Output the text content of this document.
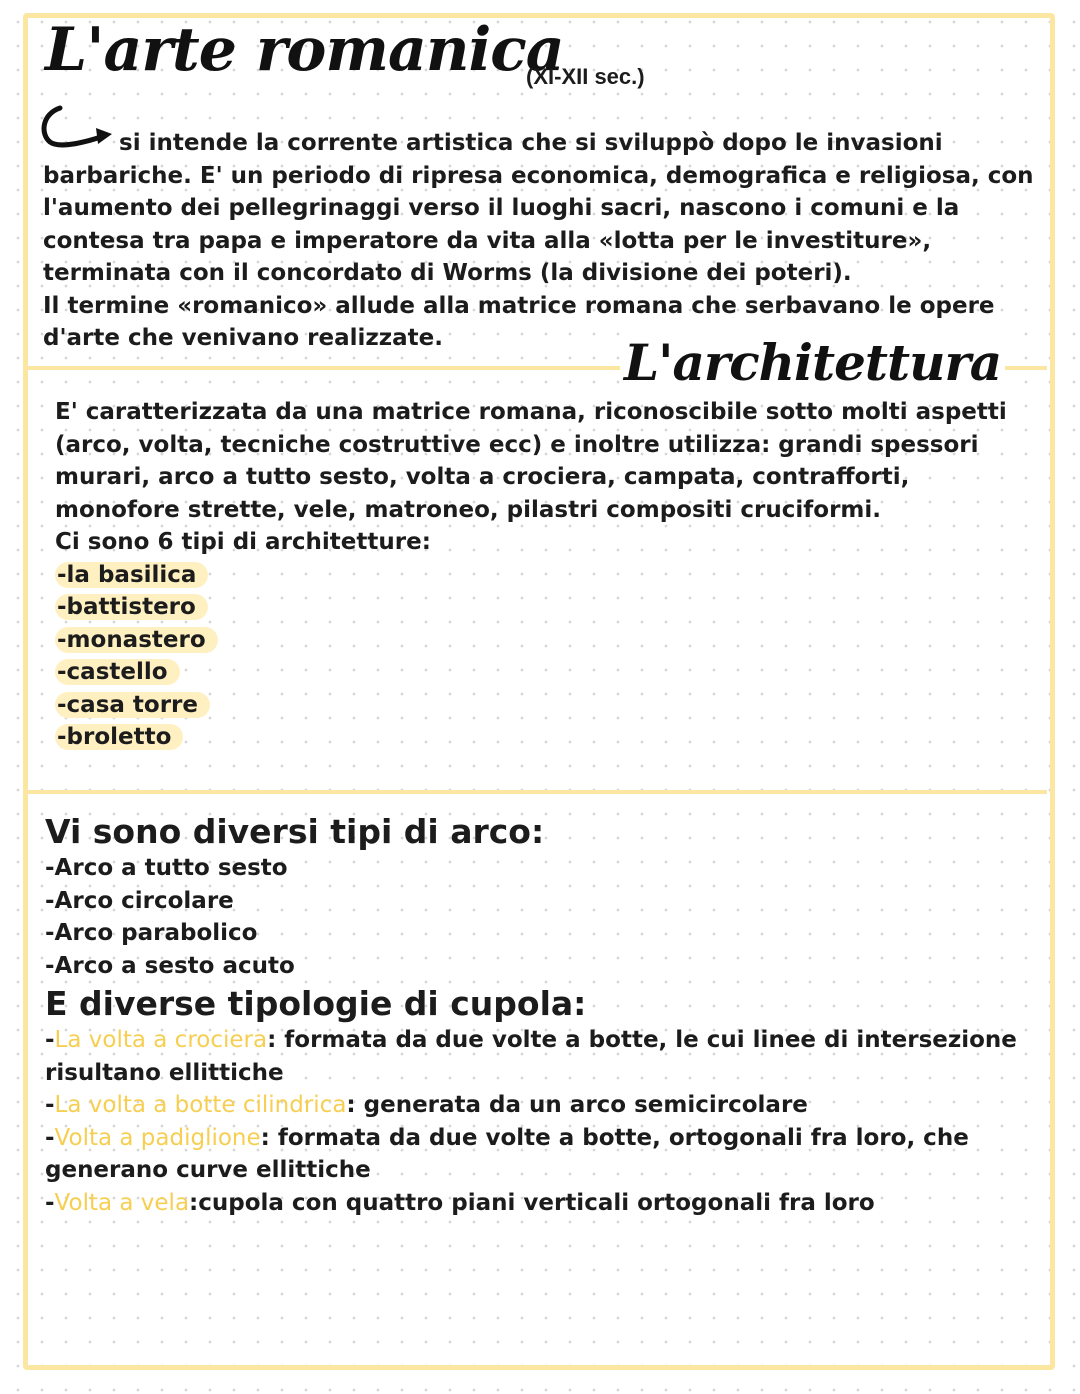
L'arte romanica
(XI-XII sec.)

si intende la corrente artistica che si sviluppò dopo le invasioni barbariche. E' un periodo di ripresa economica, demografica e religiosa, con l'aumento dei pellegrinaggi verso il luoghi sacri, nascono i comuni e la contesa tra papa e imperatore da vita alla «lotta per le investiture», terminata con il concordato di Worms (la divisione dei poteri).

Il termine «romanico» allude alla matrice romana che serbavano le opere d'arte che venivano realizzate.	L'architettura

E' caratterizzata da una matrice romana, riconoscibile sotto molti aspetti (arco, volta, tecniche costruttive ecc) e inoltre utilizza: grandi spessori murari, arco a tutto sesto, volta a crociera, campata, contrafforti, monofore strette, vele, matroneo, pilastri compositi cruciformi.

Ci sono 6 tipi di architetture:

-la basilica
-battistero
-monastero
-castello
-casa torre
-broletto

Vi sono diversi tipi di arco:

-Arco a tutto sesto
-Arco circolare
-Arco parabolico
-Arco a sesto acuto

E diverse tipologie di cupola:

-La volta a crociera: formata da due volte a botte, le cui linee di intersezione risultano ellittiche
-La volta a botte cilindrica: generata da un arco semicircolare
-Volta a padiglione: formata da due volte a botte, ortogonali fra loro, che generano curve ellittiche
-Volta a vela:cupola con quattro piani verticali ortogonali fra loro
